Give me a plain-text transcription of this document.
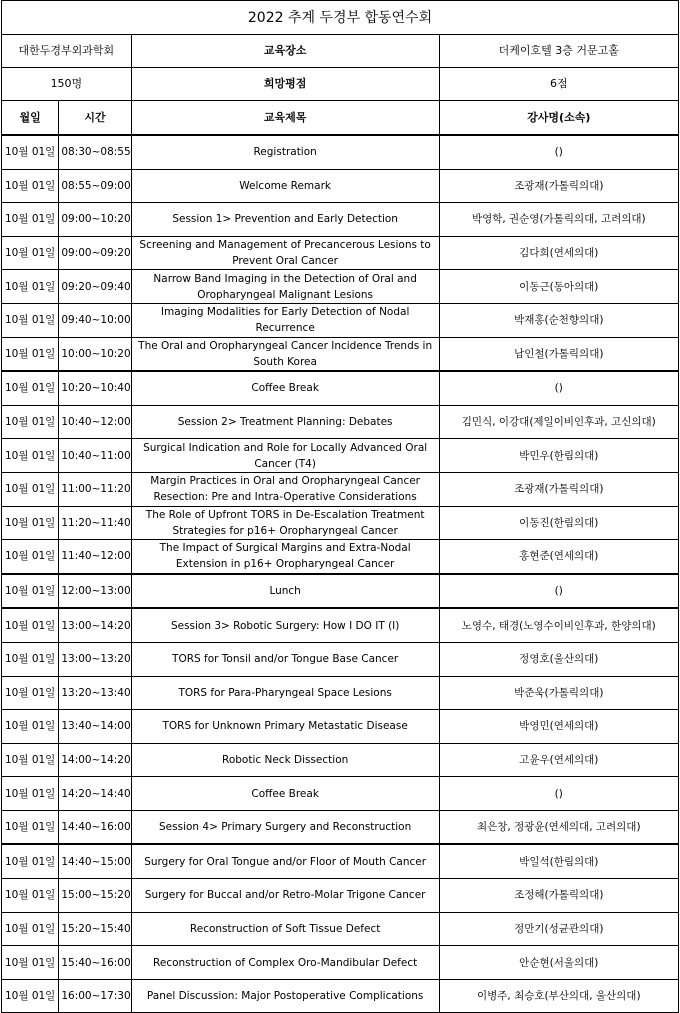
2022 추계 두경부 합동연수회			
대한두경부외과학회		교육장소	더케이호텔 3층 거문고홀
150명		희망평점	6점
월일	시간	교육제목	강사명(소속)
10월 01일	08:30~08:55	Registration	()
10월 01일	08:55~09:00	Welcome Remark	조광재(가톨릭의대)
10월 01일	09:00~10:20	Session 1> Prevention and Early Detection	박영학, 권순영(가톨릭의대, 고려의대)
10월 01일	09:00~09:20	Screening and Management of Precancerous Lesions to Prevent Oral Cancer	김다희(연세의대)
10월 01일	09:20~09:40	Narrow Band Imaging in the Detection of Oral and Oropharyngeal Malignant Lesions	이동근(동아의대)
10월 01일	09:40~10:00	Imaging Modalities for Early Detection of Nodal Recurrence	박재홍(순천향의대)
10월 01일	10:00~10:20	The Oral and Oropharyngeal Cancer Incidence Trends in South Korea	남인철(가톨릭의대)
10월 01일	10:20~10:40	Coffee Break	()
10월 01일	10:40~12:00	Session 2> Treatment Planning: Debates	김민식, 이강대(제일이비인후과, 고신의대)
10월 01일	10:40~11:00	Surgical Indication and Role for Locally Advanced Oral Cancer (T4)	박민우(한림의대)
10월 01일	11:00~11:20	Margin Practices in Oral and Oropharyngeal Cancer Resection: Pre and Intra-Operative Considerations	조광재(가톨릭의대)
10월 01일	11:20~11:40	The Role of Upfront TORS in De-Escalation Treatment Strategies for p16+ Oropharyngeal Cancer	이동진(한림의대)
10월 01일	11:40~12:00	The Impact of Surgical Margins and Extra-Nodal Extension in p16+ Oropharyngeal Cancer	홍현준(연세의대)
10월 01일	12:00~13:00	Lunch	()
10월 01일	13:00~14:20	Session 3> Robotic Surgery: How I DO IT (I)	노영수, 태경(노영수이비인후과, 한양의대)
10월 01일	13:00~13:20	TORS for Tonsil and/or Tongue Base Cancer	정영호(울산의대)
10월 01일	13:20~13:40	TORS for Para-Pharyngeal Space Lesions	박준욱(가톨릭의대)
10월 01일	13:40~14:00	TORS for Unknown Primary Metastatic Disease	박영민(연세의대)
10월 01일	14:00~14:20	Robotic Neck Dissection	고윤우(연세의대)
10월 01일	14:20~14:40	Coffee Break	()
10월 01일	14:40~16:00	Session 4> Primary Surgery and Reconstruction	최은창, 정광윤(연세의대, 고려의대)
10월 01일	14:40~15:00	Surgery for Oral Tongue and/or Floor of Mouth Cancer	박일석(한림의대)
10월 01일	15:00~15:20	Surgery for Buccal and/or Retro-Molar Trigone Cancer	조정해(가톨릭의대)
10월 01일	15:20~15:40	Reconstruction of Soft Tissue Defect	정만기(성균관의대)
10월 01일	15:40~16:00	Reconstruction of Complex Oro-Mandibular Defect	안순현(서울의대)
10월 01일	16:00~17:30	Panel Discussion: Major Postoperative Complications	이병주, 최승호(부산의대, 울산의대)
